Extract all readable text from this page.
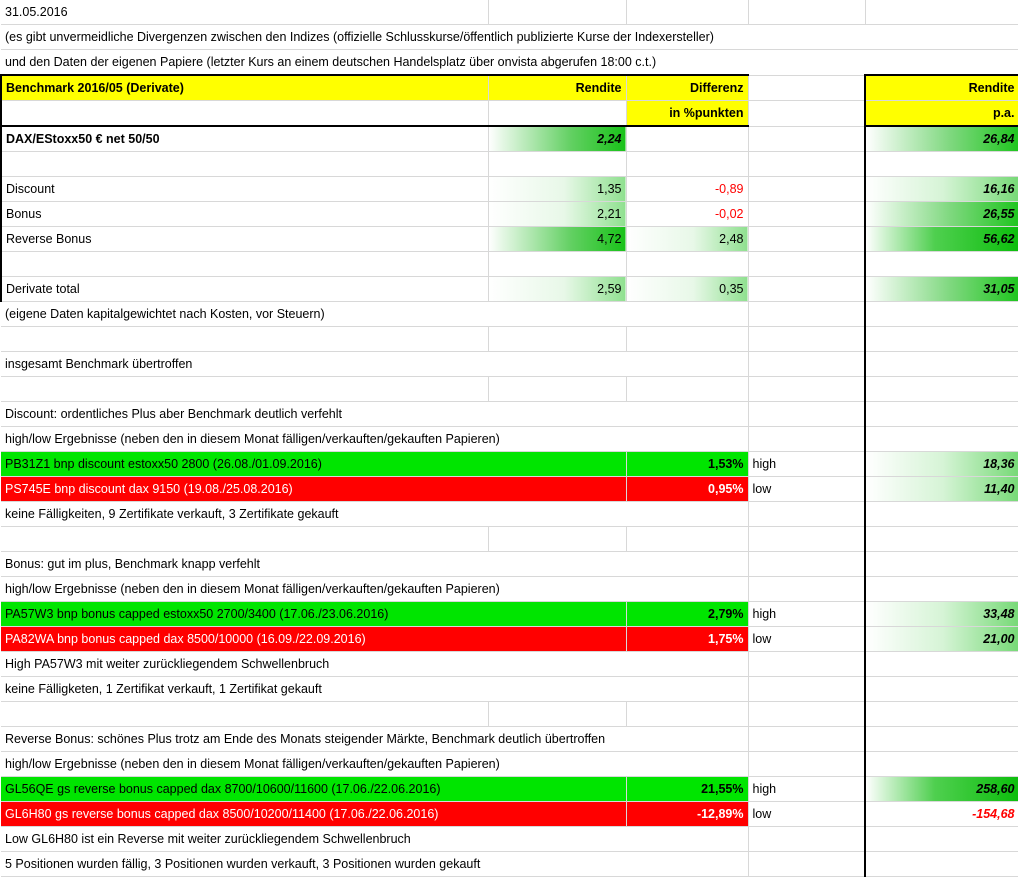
31.05.2016				
(es gibt unvermeidliche Divergenzen zwischen den Indizes (offizielle Schlusskurse/öffentlich publizierte Kurse der Indexersteller)				
und den Daten der eigenen Papiere (letzter Kurs an einem deutschen Handelsplatz über onvista abgerufen 18:00 c.t.)				
Benchmark 2016/05 (Derivate)	Rendite	Differenz		Rendite
		in %punkten		p.a.
DAX/EStoxx50 € net 50/50	2,24			26,84

Discount	1,35	-0,89		16,16
Bonus	2,21	-0,02		26,55
Reverse Bonus	4,72	2,48		56,62

Derivate total	2,59	0,35		31,05
(eigene Daten kapitalgewichtet nach Kosten, vor Steuern)				

insgesamt Benchmark übertroffen				

Discount: ordentliches Plus aber Benchmark deutlich verfehlt				
high/low Ergebnisse (neben den in diesem Monat fälligen/verkauften/gekauften Papieren)				
PB31Z1 bnp discount estoxx50 2800 (26.08./01.09.2016)		1,53%	high	18,36
PS745E bnp discount dax 9150 (19.08./25.08.2016)		0,95%	low	11,40
keine Fälligkeiten, 9 Zertifikate verkauft, 3 Zertifikate gekauft				

Bonus: gut im plus, Benchmark knapp verfehlt				
high/low Ergebnisse (neben den in diesem Monat fälligen/verkauften/gekauften Papieren)				
PA57W3 bnp bonus capped estoxx50 2700/3400 (17.06./23.06.2016)		2,79%	high	33,48
PA82WA bnp bonus capped dax 8500/10000 (16.09./22.09.2016)		1,75%	low	21,00
High PA57W3 mit weiter zurückliegendem Schwellenbruch				
keine Fälligketen, 1 Zertifikat verkauft, 1 Zertifikat gekauft				

Reverse Bonus: schönes Plus trotz am Ende des Monats steigender Märkte, Benchmark deutlich übertroffen				
high/low Ergebnisse (neben den in diesem Monat fälligen/verkauften/gekauften Papieren)				
GL56QE gs reverse bonus capped dax 8700/10600/11600 (17.06./22.06.2016)		21,55%	high	258,60
GL6H80 gs reverse bonus capped dax 8500/10200/11400 (17.06./22.06.2016)		-12,89%	low	-154,68
Low GL6H80 ist ein Reverse mit weiter zurückliegendem Schwellenbruch				
5 Positionen wurden fällig, 3 Positionen wurden verkauft, 3 Positionen wurden gekauft				
